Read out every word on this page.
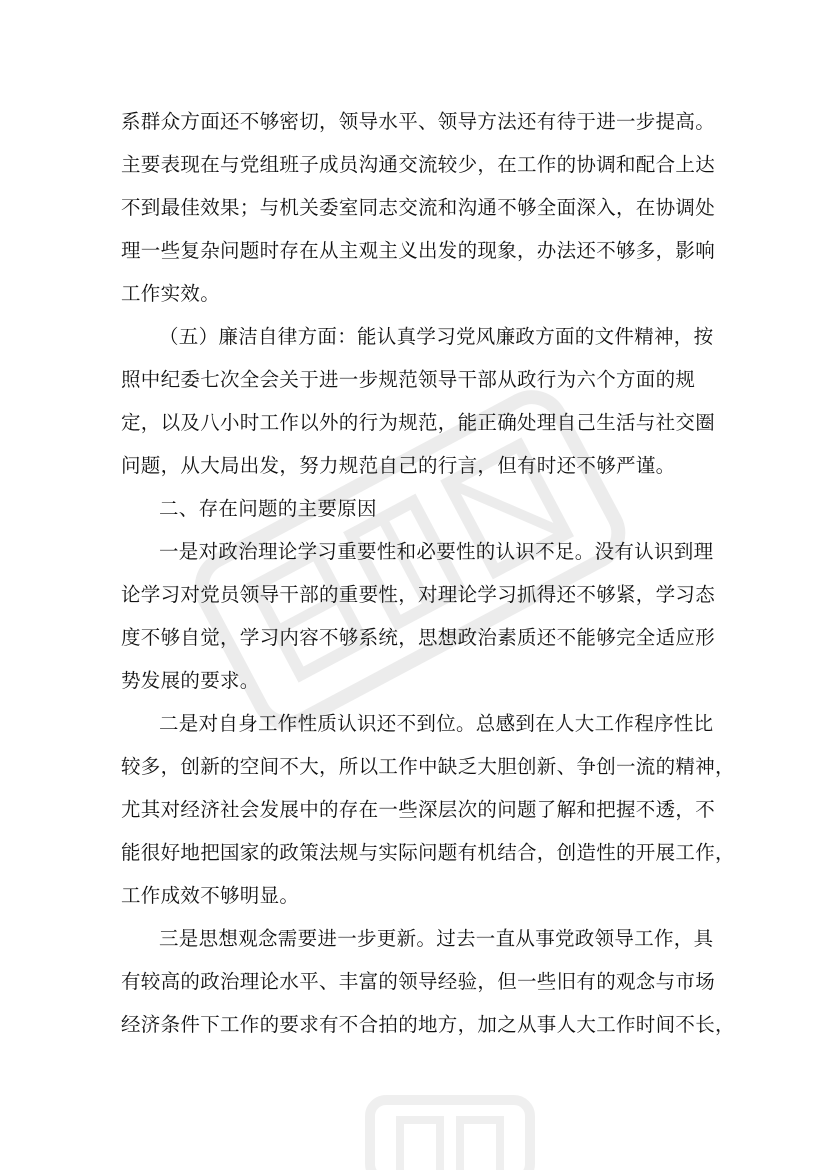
系群众方面还不够密切，领导水平、领导方法还有待于进一步提高。
主要表现在与党组班子成员沟通交流较少，在工作的协调和配合上达
不到最佳效果；与机关委室同志交流和沟通不够全面深入，在协调处
理一些复杂问题时存在从主观主义出发的现象，办法还不够多，影响
工作实效。
（五）廉洁自律方面：能认真学习党风廉政方面的文件精神，按
照中纪委七次全会关于进一步规范领导干部从政行为六个方面的规
定，以及八小时工作以外的行为规范，能正确处理自己生活与社交圈
问题，从大局出发，努力规范自己的行言，但有时还不够严谨。
二、存在问题的主要原因
一是对政治理论学习重要性和必要性的认识不足。没有认识到理
论学习对党员领导干部的重要性，对理论学习抓得还不够紧，学习态
度不够自觉，学习内容不够系统，思想政治素质还不能够完全适应形
势发展的要求。
二是对自身工作性质认识还不到位。总感到在人大工作程序性比
较多，创新的空间不大，所以工作中缺乏大胆创新、争创一流的精神，
尤其对经济社会发展中的存在一些深层次的问题了解和把握不透，不
能很好地把国家的政策法规与实际问题有机结合，创造性的开展工作，
工作成效不够明显。
三是思想观念需要进一步更新。过去一直从事党政领导工作，具
有较高的政治理论水平、丰富的领导经验，但一些旧有的观念与市场
经济条件下工作的要求有不合拍的地方，加之从事人大工作时间不长，
